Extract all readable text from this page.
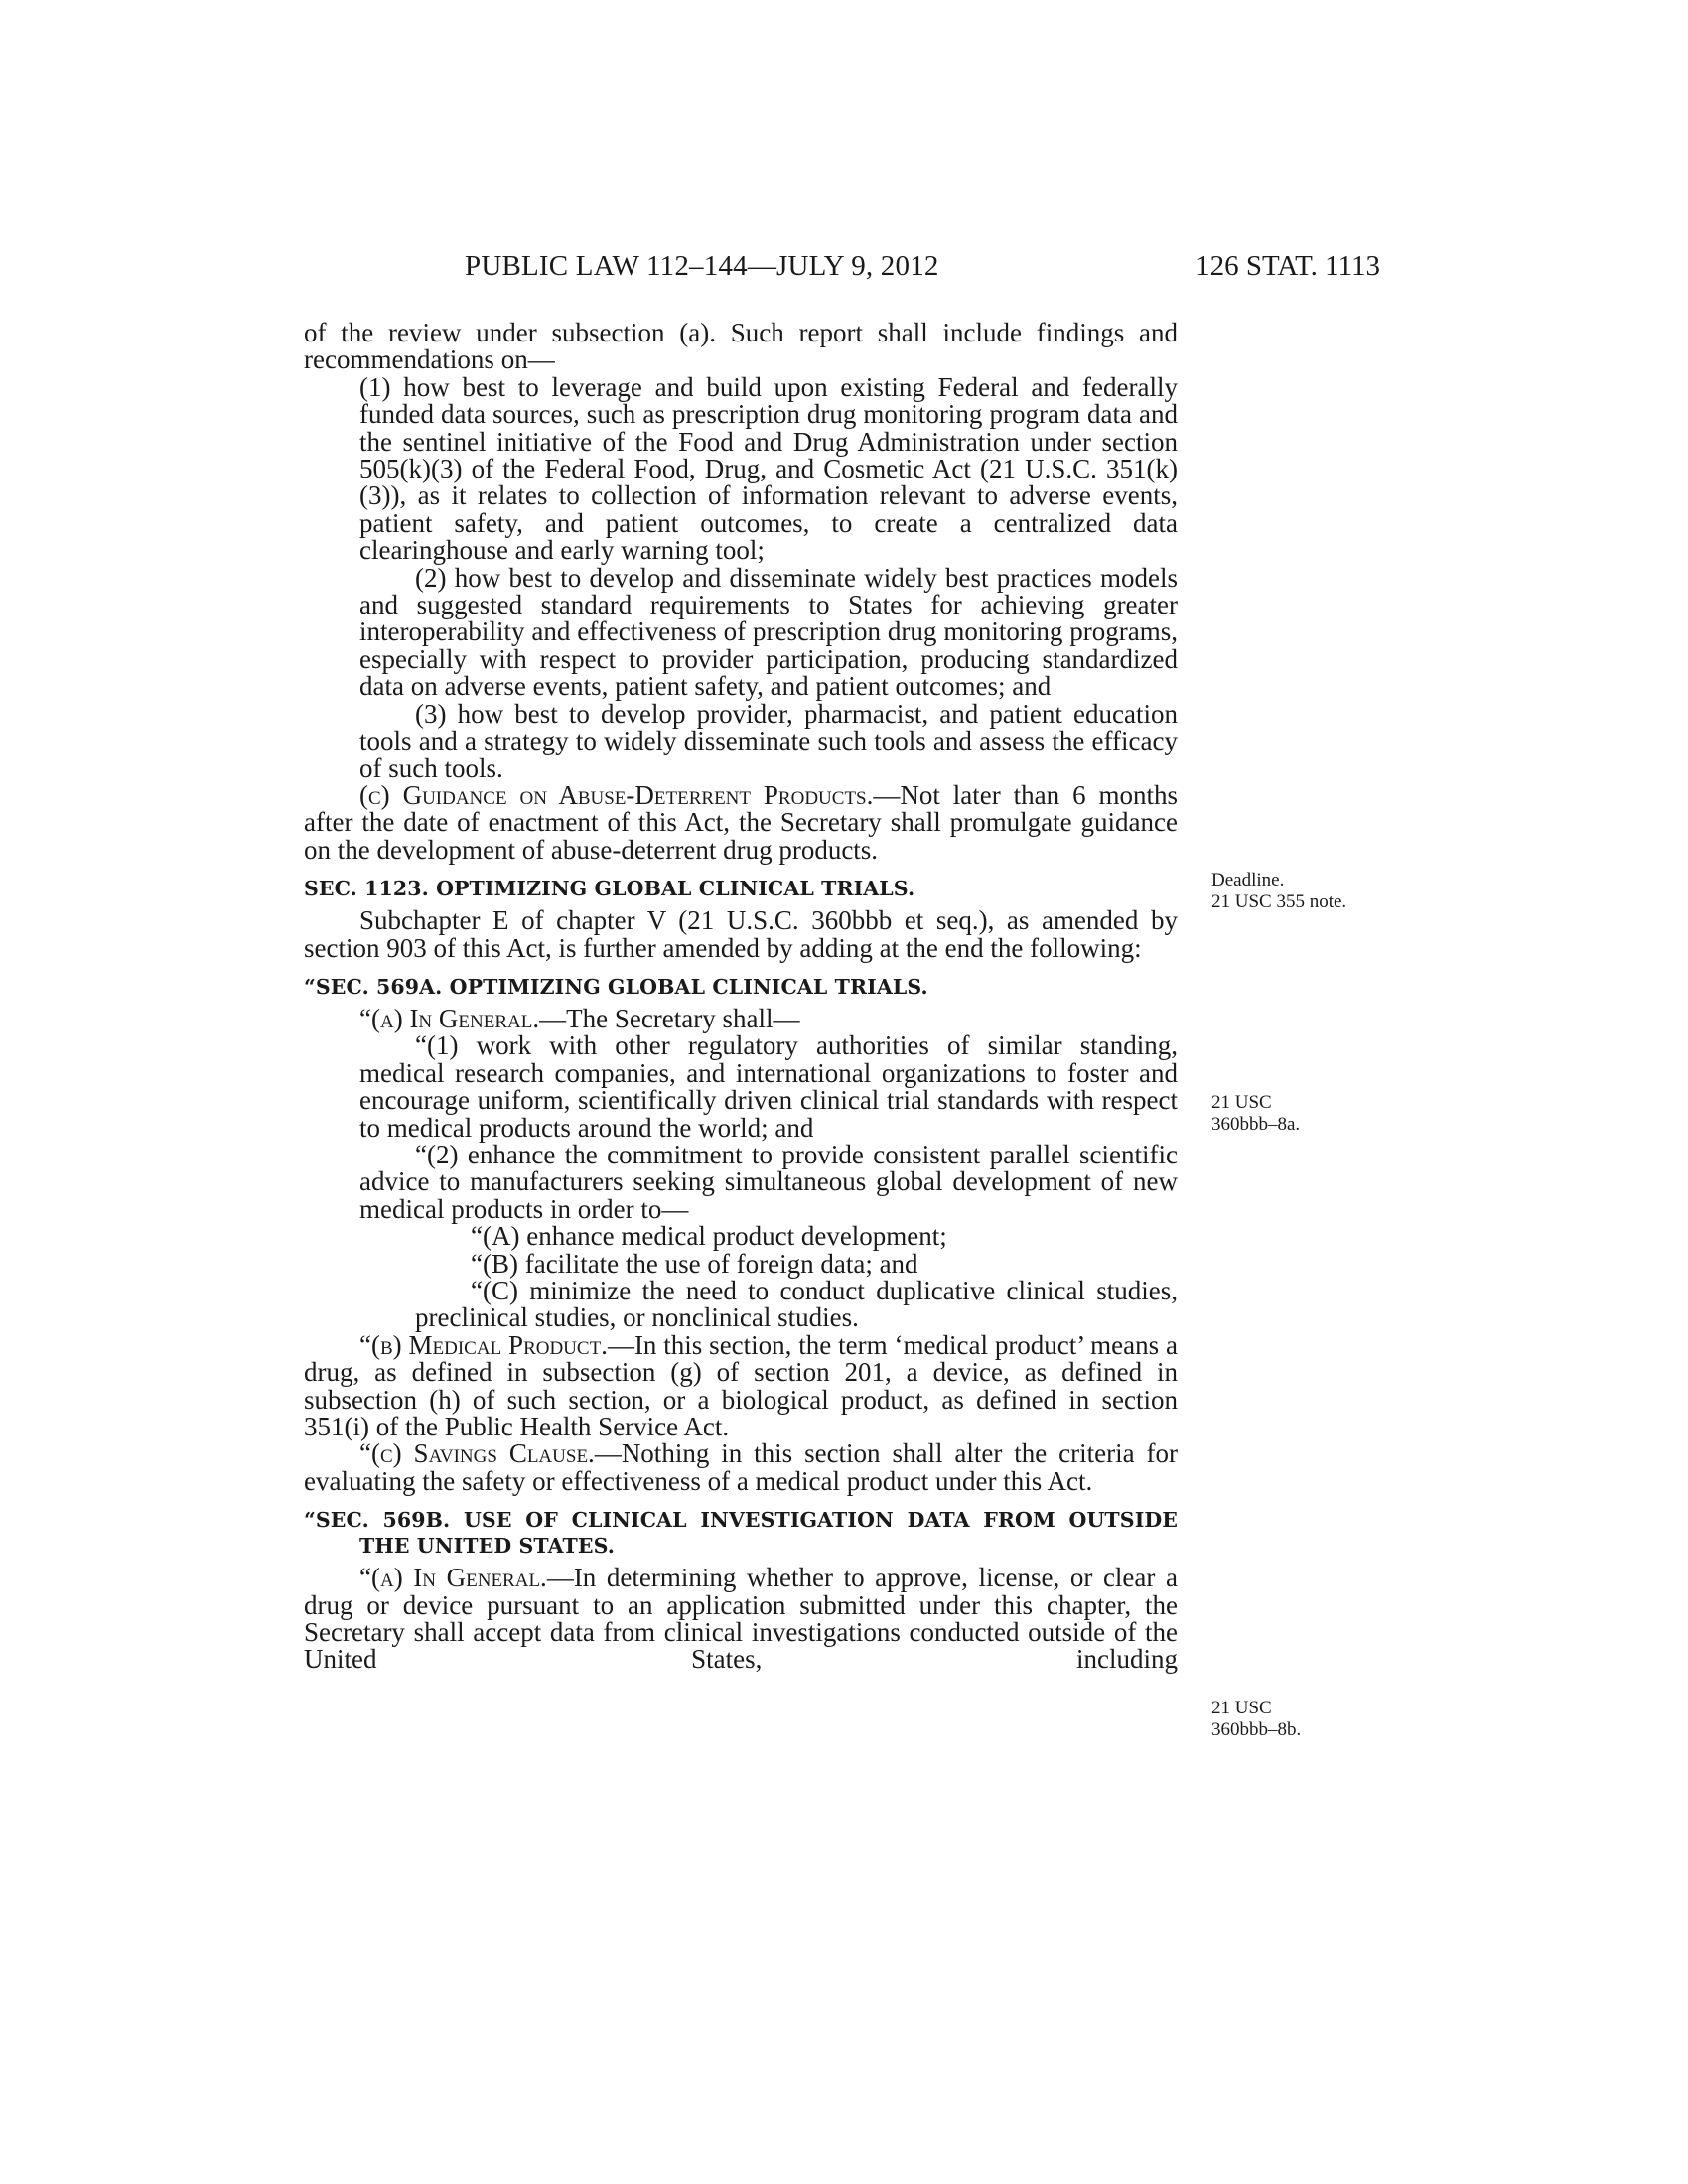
PUBLIC LAW 112–144—JULY 9, 2012	126 STAT. 1113

of the review under subsection (a). Such report shall include findings and recommendations on—

(1) how best to leverage and build upon existing Federal and federally funded data sources, such as prescription drug monitoring program data and the sentinel initiative of the Food and Drug Administration under section 505(k)(3) of the Federal Food, Drug, and Cosmetic Act (21 U.S.C. 351(k)(3)), as it relates to collection of information relevant to adverse events, patient safety, and patient outcomes, to create a centralized data clearinghouse and early warning tool;

(2) how best to develop and disseminate widely best practices models and suggested standard requirements to States for achieving greater interoperability and effectiveness of prescription drug monitoring programs, especially with respect to provider participation, producing standardized data on adverse events, patient safety, and patient outcomes; and

(3) how best to develop provider, pharmacist, and patient education tools and a strategy to widely disseminate such tools and assess the efficacy of such tools.

(c) Guidance on Abuse-Deterrent Products.—Not later than 6 months after the date of enactment of this Act, the Secretary shall promulgate guidance on the development of abuse-deterrent drug products.

SEC. 1123. OPTIMIZING GLOBAL CLINICAL TRIALS.

Subchapter E of chapter V (21 U.S.C. 360bbb et seq.), as amended by section 903 of this Act, is further amended by adding at the end the following:

“SEC. 569A. OPTIMIZING GLOBAL CLINICAL TRIALS.

“(a) In General.—The Secretary shall—

“(1) work with other regulatory authorities of similar standing, medical research companies, and international organizations to foster and encourage uniform, scientifically driven clinical trial standards with respect to medical products around the world; and

“(2) enhance the commitment to provide consistent parallel scientific advice to manufacturers seeking simultaneous global development of new medical products in order to—

“(A) enhance medical product development;

“(B) facilitate the use of foreign data; and

“(C) minimize the need to conduct duplicative clinical studies, preclinical studies, or nonclinical studies.

“(b) Medical Product.—In this section, the term ‘medical product’ means a drug, as defined in subsection (g) of section 201, a device, as defined in subsection (h) of such section, or a biological product, as defined in section 351(i) of the Public Health Service Act.

“(c) Savings Clause.—Nothing in this section shall alter the criteria for evaluating the safety or effectiveness of a medical product under this Act.

“SEC. 569B. USE OF CLINICAL INVESTIGATION DATA FROM OUTSIDE
THE UNITED STATES.

“(a) In General.—In determining whether to approve, license, or clear a drug or device pursuant to an application submitted under this chapter, the Secretary shall accept data from clinical investigations conducted outside of the United States, including

Deadline.
21 USC 355 note.
21 USC
360bbb–8a.
21 USC
360bbb–8b.
